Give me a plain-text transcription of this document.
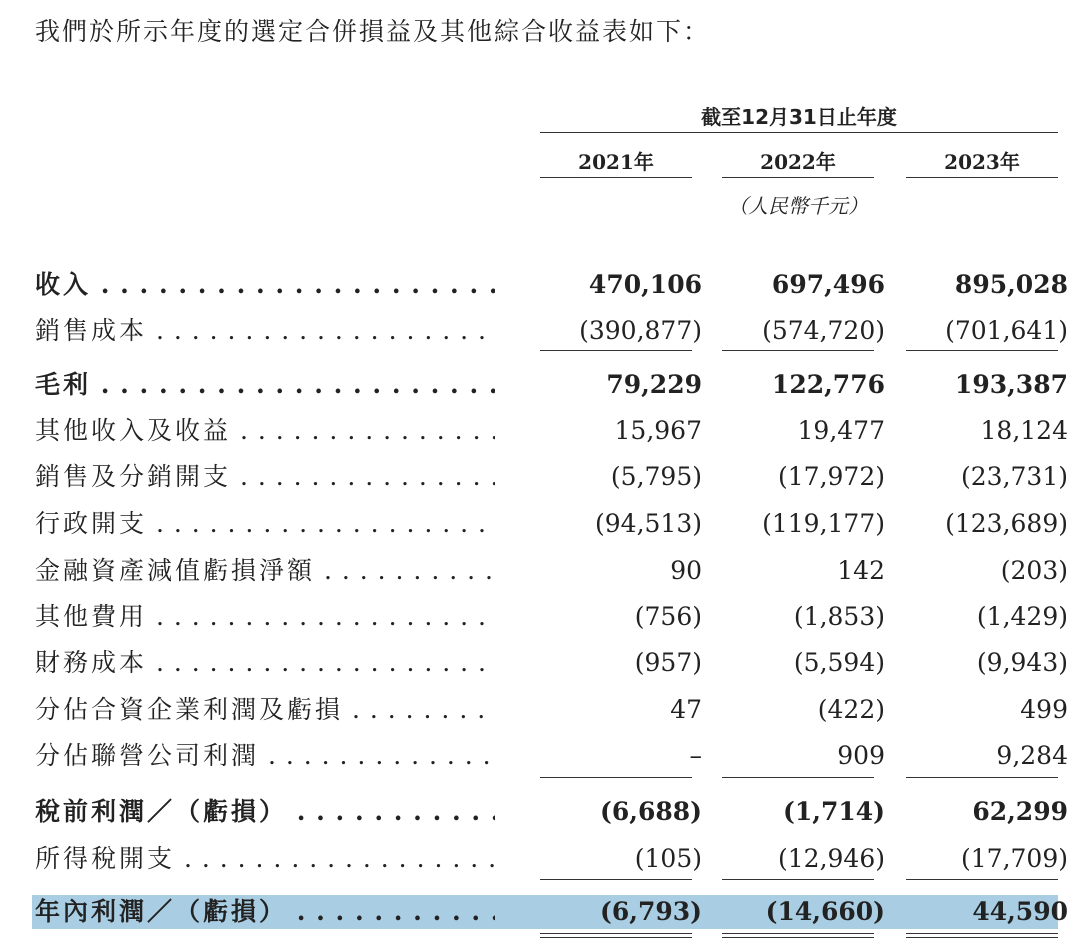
我們於所示年度的選定合併損益及其他綜合收益表如下：
截至12月31日止年度
2021年	2022年	2023年
（人民幣千元）
收入 . . .	470,106	697,496	895,028
銷售成本 . . .	(390,877)	(574,720)	(701,641)
毛利 . . .	79,229	122,776	193,387
其他收入及收益 . . .	15,967	19,477	18,124
銷售及分銷開支 . . .	(5,795)	(17,972)	(23,731)
行政開支 . . .	(94,513)	(119,177)	(123,689)
金融資產減值虧損淨額 . . .	90	142	(203)
其他費用 . . .	(756)	(1,853)	(1,429)
財務成本 . . .	(957)	(5,594)	(9,943)
分佔合資企業利潤及虧損 . . .	47	(422)	499
分佔聯營公司利潤 . . .	–	909	9,284
稅前利潤／（虧損） . . .	(6,688)	(1,714)	62,299
所得稅開支 . . .	(105)	(12,946)	(17,709)
年內利潤／（虧損） . . .	(6,793)	(14,660)	44,590
